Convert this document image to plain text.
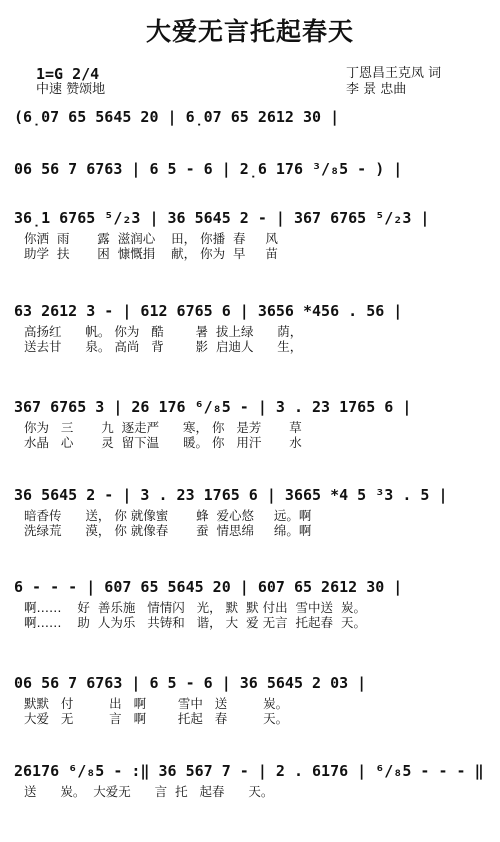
大爱无言托起春天
1=G 2/4
中速 赞颂地
丁恩昌王克凤 词
李 景 忠曲
(6̣07 65 5645 20 | 6̣07 65 2612 30 |
06 56 7 6763 | 6 5 - 6 | 2̣6 176 ³/₈5 - ) |
36̣1 6765 ⁵/₂3 | 36 5645 2 - | 367 6765 ⁵/₂3 |
你洒  雨       露  滋润心    田， 你播  春     风
助学  扶       困  慷慨捐    献， 你为  早     苗
63 2612 3 - | 612 6765 6 | 3656 *456 . 56 |
高扬红      帆。 你为   酷        暑  拔上绿      荫，
送去甘      泉。 高尚   背        影  启迪人      生，
367 6765 3 | 26 176 ⁶/₈5 - | 3 . 23 1765 6 |
你为   三       九  逐走严      寒， 你   是芳       草
水晶   心       灵  留下温      暖。 你   用汗       水
36 5645 2 - | 3 . 23 1765 6 | 3665 *4 5 ³3 . 5 |
暗香传      送， 你 就像蜜       蜂  爱心悠     远。啊
洗绿荒      漠， 你 就像春       蚕  情思绵     绵。啊
6 - - - | 607 65 5645 20 | 607 65 2612 30 |
啊……    好  善乐施   情情闪   光， 默  默 付出  雪中送  炭。
啊……    助  人为乐   共铸和   谐， 大  爱 无言  托起春  天。
06 56 7 6763 | 6 5 - 6 | 36 5645 2 03 |
默默   付         出   啊        雪中   送         炭。
大爱   无         言   啊        托起   春         天。
26176 ⁶/₈5 - :‖ 36 567 7 - | 2 . 6176 | ⁶/₈5 - - - ‖
送      炭。  大爱无      言  托   起春      天。
